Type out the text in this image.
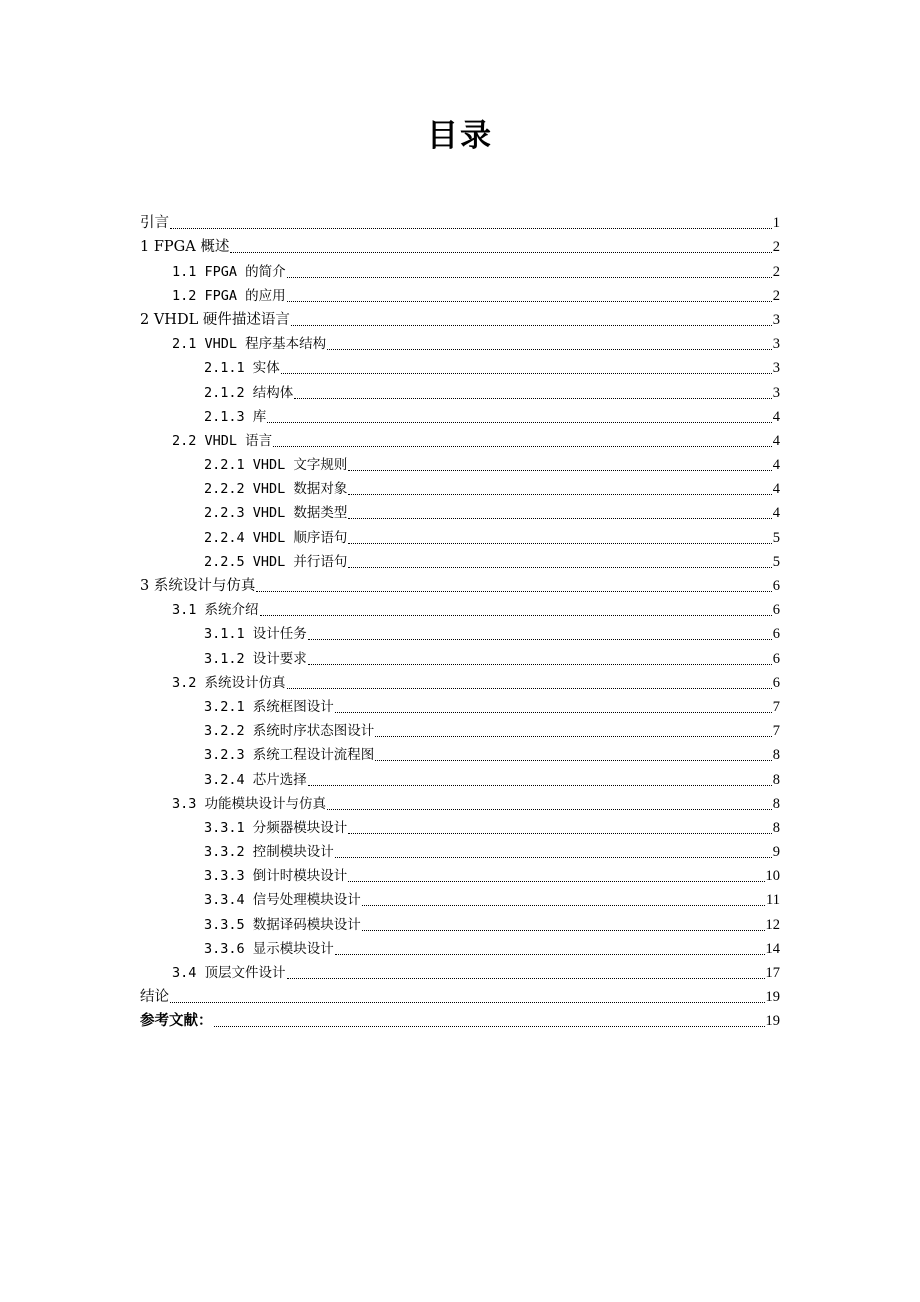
目录
引言	1
1 FPGA 概述	2
1.1 FPGA 的简介	2
1.2 FPGA 的应用	2
2 VHDL 硬件描述语言	3
2.1 VHDL 程序基本结构	3
2.1.1 实体	3
2.1.2 结构体	3
2.1.3 库	4
2.2 VHDL 语言	4
2.2.1 VHDL 文字规则	4
2.2.2 VHDL 数据对象	4
2.2.3 VHDL 数据类型	4
2.2.4 VHDL 顺序语句	5
2.2.5 VHDL 并行语句	5
3 系统设计与仿真	6
3.1 系统介绍	6
3.1.1 设计任务	6
3.1.2 设计要求	6
3.2 系统设计仿真	6
3.2.1 系统框图设计	7
3.2.2 系统时序状态图设计	7
3.2.3 系统工程设计流程图	8
3.2.4 芯片选择	8
3.3 功能模块设计与仿真	8
3.3.1 分频器模块设计	8
3.3.2 控制模块设计	9
3.3.3 倒计时模块设计	10
3.3.4 信号处理模块设计	11
3.3.5 数据译码模块设计	12
3.3.6 显示模块设计	14
3.4 顶层文件设计	17
结论	19
参考文献：	19
